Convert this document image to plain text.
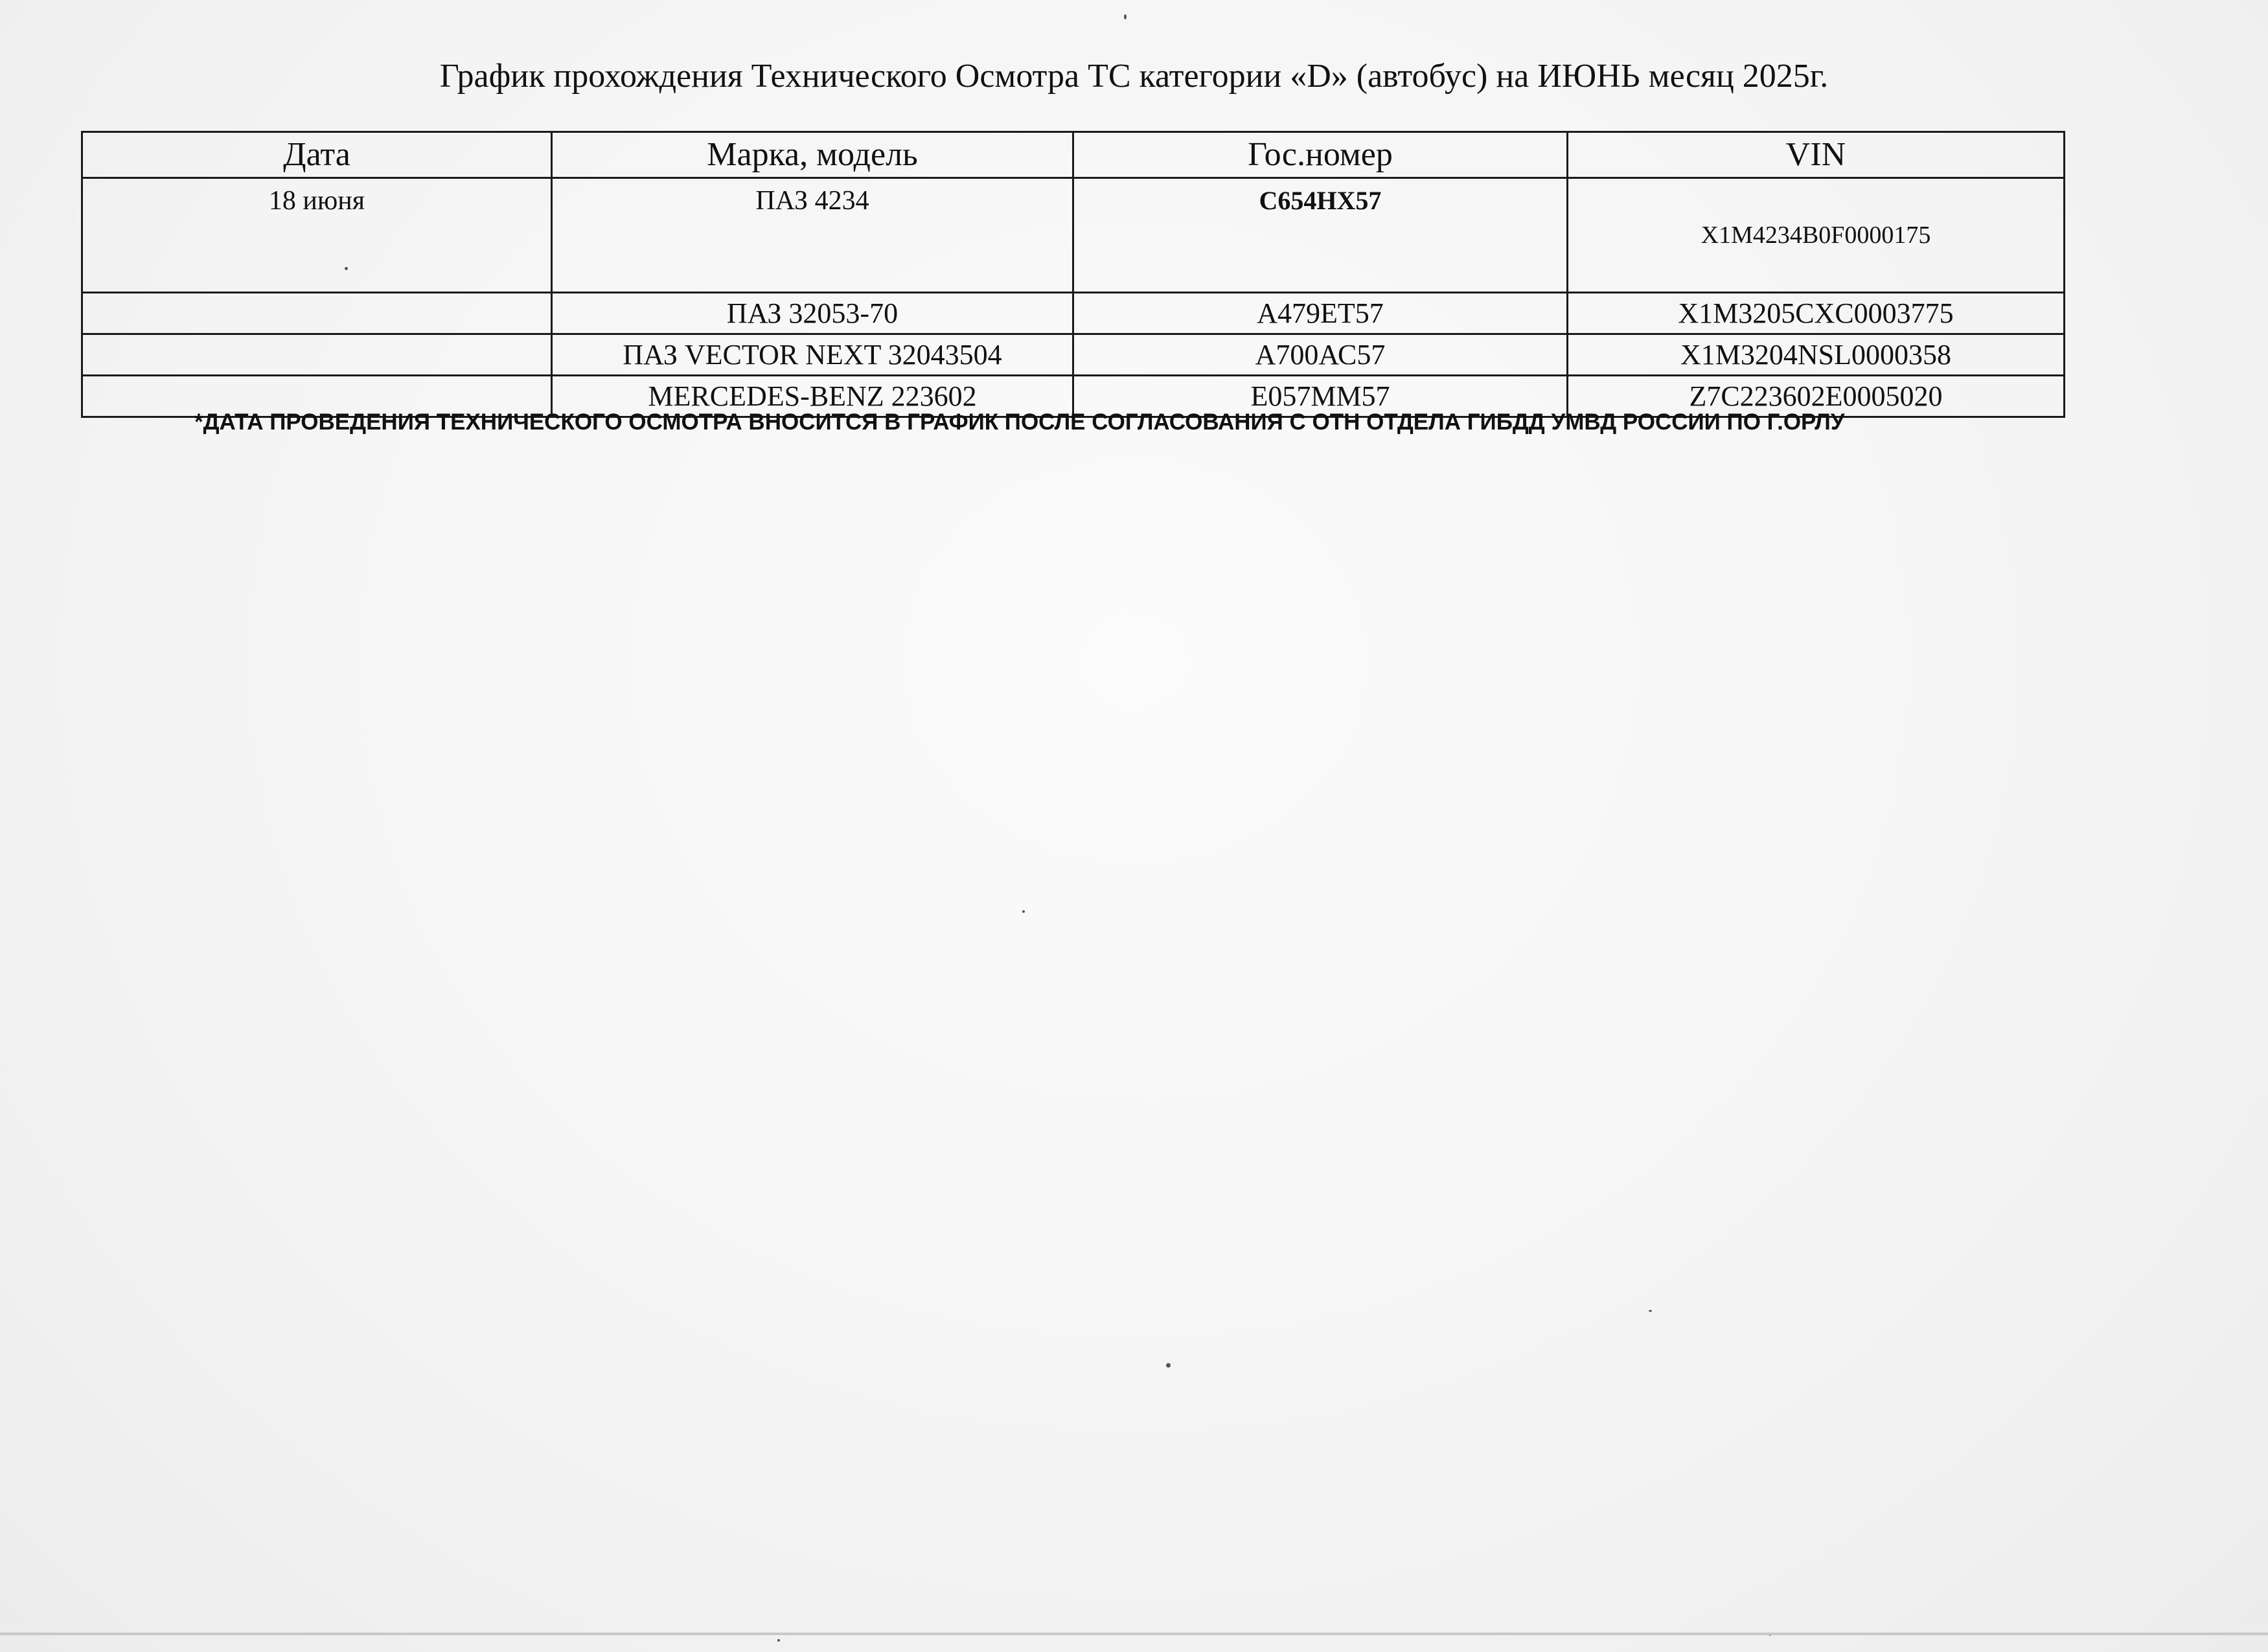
График прохождения Технического Осмотра ТС категории «D» (автобус) на ИЮНЬ месяц 2025г.
Дата	Марка, модель	Гос.номер	VIN
18 июня	ПАЗ 4234	С654НХ57	X1M4234B0F0000175
	ПАЗ 32053-70	А479ЕТ57	X1M3205CXC0003775
	ПАЗ VECTOR NEXT 32043504	А700АС57	X1M3204NSL0000358
	MERCEDES-BENZ 223602	Е057ММ57	Z7C223602E0005020
*ДАТА ПРОВЕДЕНИЯ ТЕХНИЧЕСКОГО ОСМОТРА ВНОСИТСЯ В ГРАФИК ПОСЛЕ СОГЛАСОВАНИЯ С ОТН ОТДЕЛА ГИБДД УМВД РОССИИ ПО Г.ОРЛУ
